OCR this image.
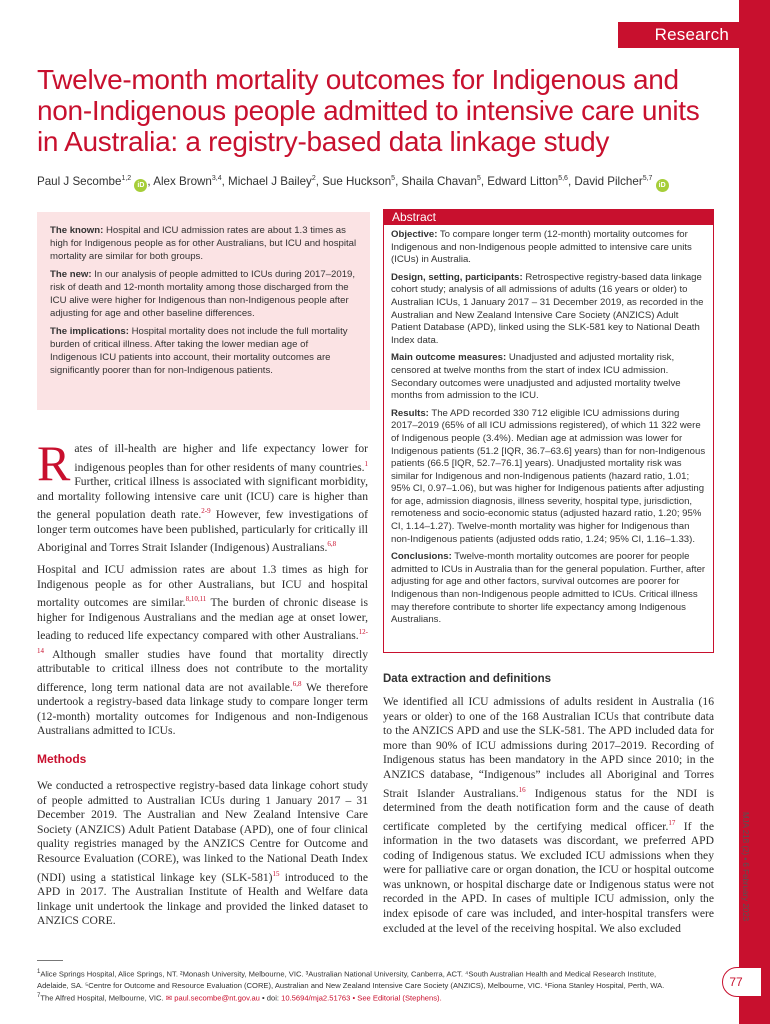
Research
Twelve-month mortality outcomes for Indigenous and non-Indigenous people admitted to intensive care units in Australia: a registry-based data linkage study
Paul J Secombe$^{1,2}$ iD , Alex Brown$^{3,4}$, Michael J Bailey$^2$, Sue Huckson$^5$, Shaila Chavan$^5$, Edward Litton$^{5,6}$, David Pilcher$^{5,7}$ iD

The known: Hospital and ICU admission rates are about 1.3 times as high for Indigenous people as for other Australians, but ICU and hospital mortality are similar for both groups.

The new: In our analysis of people admitted to ICUs during 2017–2019, risk of death and 12-month mortality among those discharged from the ICU alive were higher for Indigenous than non-Indigenous people after adjusting for age and other baseline differences.

The implications: Hospital mortality does not include the full mortality burden of critical illness. After taking the lower median age of Indigenous ICU patients into account, their mortality outcomes are significantly poorer than for non-Indigenous patients.

Abstract

Objective: To compare longer term (12-month) mortality outcomes for Indigenous and non-Indigenous people admitted to intensive care units (ICUs) in Australia.

Design, setting, participants: Retrospective registry-based data linkage cohort study; analysis of all admissions of adults (16 years or older) to Australian ICUs, 1 January 2017 – 31 December 2019, as recorded in the Australian and New Zealand Intensive Care Society (ANZICS) Adult Patient Database (APD), linked using the SLK-581 key to National Death Index data.

Main outcome measures: Unadjusted and adjusted mortality risk, censored at twelve months from the start of index ICU admission. Secondary outcomes were unadjusted and adjusted mortality twelve months from admission to the ICU.

Results: The APD recorded 330 712 eligible ICU admissions during 2017–2019 (65% of all ICU admissions registered), of which 11 322 were of Indigenous people (3.4%). Median age at admission was lower for Indigenous patients (51.2 [IQR, 36.7–63.6] years) than for non-Indigenous patients (66.5 [IQR, 52.7–76.1] years). Unadjusted mortality risk was similar for Indigenous and non-Indigenous patients (hazard ratio, 1.01; 95% CI, 0.97–1.06), but was higher for Indigenous patients after adjusting for age, admission diagnosis, illness severity, hospital type, jurisdiction, remoteness and socio-economic status (adjusted hazard ratio, 1.20; 95% CI, 1.14–1.27). Twelve-month mortality was higher for Indigenous than non-Indigenous patients (adjusted odds ratio, 1.24; 95% CI, 1.16–1.33).

Conclusions: Twelve-month mortality outcomes are poorer for people admitted to ICUs in Australia than for the general population. Further, after adjusting for age and other factors, survival outcomes are poorer for Indigenous than non-Indigenous people admitted to ICUs. Critical illness may therefore contribute to shorter life expectancy among Indigenous Australians.

Rates of ill-health are higher and life expectancy lower for indigenous peoples than for other residents of many countries.$^1$ Further, critical illness is associated with significant morbidity, and mortality following intensive care unit (ICU) care is higher than the general population death rate.$^{2-9}$ However, few investigations of longer term outcomes have been published, particularly for critically ill Aboriginal and Torres Strait Islander (Indigenous) Australians.$^{6,8}$
Hospital and ICU admission rates are about 1.3 times as high for Indigenous people as for other Australians, but ICU and hospital mortality outcomes are similar.$^{8,10,11}$ The burden of chronic disease is higher for Indigenous Australians and the median age at onset lower, leading to reduced life expectancy compared with other Australians.$^{12-14}$ Although smaller studies have found that mortality directly attributable to critical illness does not contribute to the mortality difference, long term national data are not available.$^{6,8}$ We therefore undertook a registry-based data linkage study to compare longer term (12-month) mortality outcomes for Indigenous and non-Indigenous Australians admitted to ICUs.
Methods
We conducted a retrospective registry-based data linkage cohort study of people admitted to Australian ICUs during 1 January 2017 – 31 December 2019. The Australian and New Zealand Intensive Care Society (ANZICS) Adult Patient Database (APD), one of four clinical quality registries managed by the ANZICS Centre for Outcome and Resource Evaluation (CORE), was linked to the National Death Index (NDI) using a statistical linkage key $(SLK-581)^{15}$ introduced to the APD in 2017. The Australian Institute of Health and Welfare data linkage unit undertook the linkage and provided the linked dataset to ANZICS CORE.
Data extraction and definitions
We identified all ICU admissions of adults resident in Australia (16 years or older) to one of the 168 Australian ICUs that contribute data to the ANZICS APD and use the SLK-581. The APD included data for more than 90% of ICU admissions during 2017–2019. Recording of Indigenous status has been mandatory in the APD since 2010; in the ANZICS database, “Indigenous” includes all Aboriginal and Torres Strait Islander Australians.$^{16}$ Indigenous status for the NDI is determined from the death notification form and the cause of death certificate completed by the certifying medical officer.$^{17}$ If the information in the two datasets was discordant, we preferred APD coding of Indigenous status. We excluded ICU admissions when they were for palliative care or organ donation, the ICU or hospital outcome was unknown, or hospital discharge date or Indigenous status were not recorded in the APD. In cases of multiple ICU admission, only the index episode of care was included, and inter-hospital transfers were excluded at the level of the receiving hospital. We also excluded
$^1$Alice Springs Hospital, Alice Springs, NT. ²Monash University, Melbourne, VIC. ³Australian National University, Canberra, ACT. ⁴South Australian Health and Medical Research Institute,
Adelaide, SA. ⁵Centre for Outcome and Resource Evaluation (CORE), Australian and New Zealand Intensive Care Society (ANZICS), Melbourne, VIC. ⁶Fiona Stanley Hospital, Perth, WA.
$^7$The Alfred Hospital, Melbourne, VIC. ✉ paul.secombe@nt.gov.au • doi: 10.5694/mja2.51763 • See Editorial (Stephens).
MJA 218 (2) ▪ 6 February 2023
77
